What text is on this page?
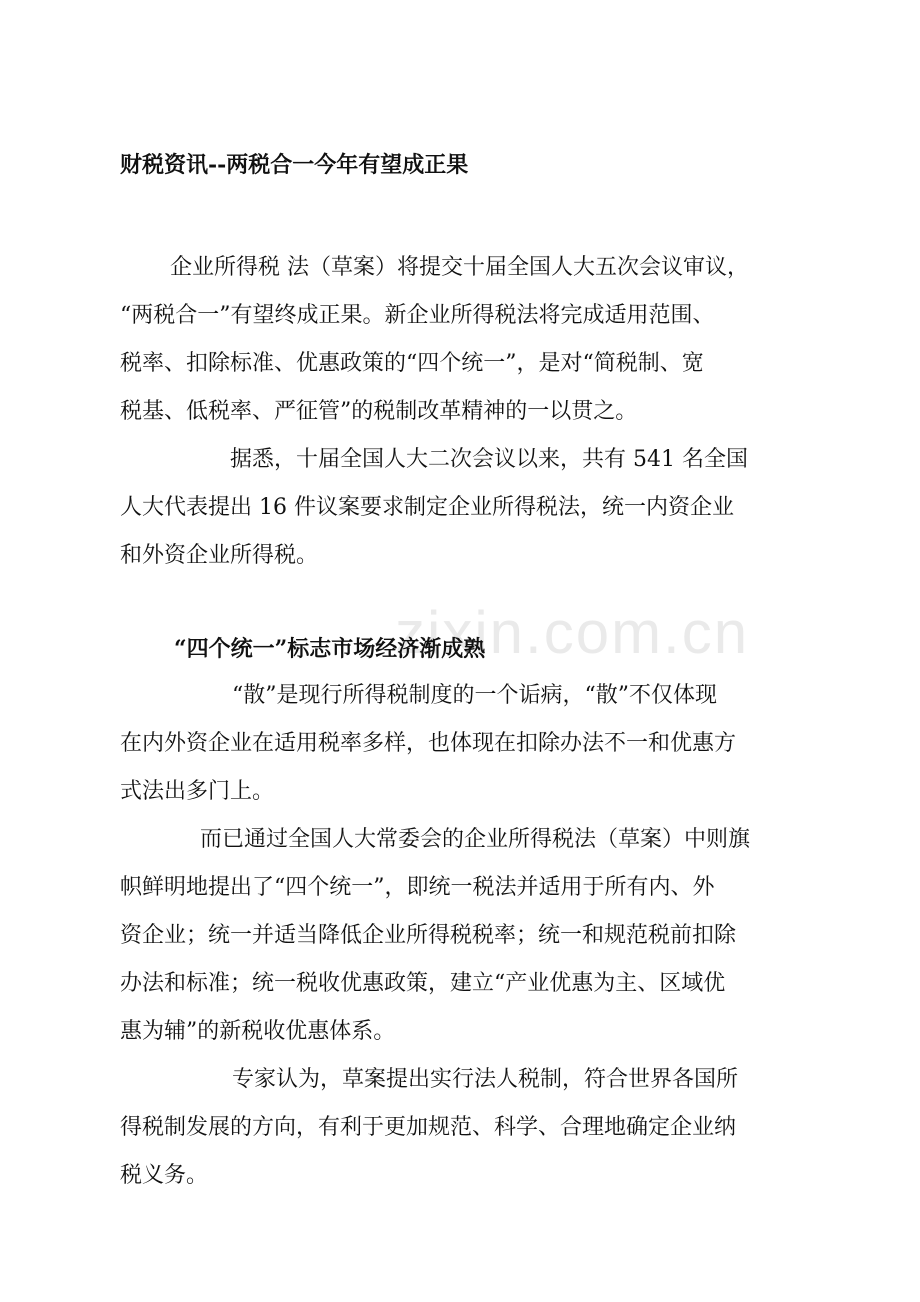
zixin.com.cn
财税资讯--两税合一今年有望成正果
企业所得税 法（草案）将提交十届全国人大五次会议审议，
“两税合一”有望终成正果。新企业所得税法将完成适用范围、
税率、扣除标准、优惠政策的“四个统一”，是对“简税制、宽
税基、低税率、严征管”的税制改革精神的一以贯之。
据悉，十届全国人大二次会议以来，共有 541 名全国
人大代表提出 16 件议案要求制定企业所得税法，统一内资企业
和外资企业所得税。
“四个统一”标志市场经济渐成熟
“散”是现行所得税制度的一个诟病，“散”不仅体现
在内外资企业在适用税率多样，也体现在扣除办法不一和优惠方
式法出多门上。
而已通过全国人大常委会的企业所得税法（草案）中则旗
帜鲜明地提出了“四个统一”，即统一税法并适用于所有内、外
资企业；统一并适当降低企业所得税税率；统一和规范税前扣除
办法和标准；统一税收优惠政策，建立“产业优惠为主、区域优
惠为辅”的新税收优惠体系。
专家认为，草案提出实行法人税制，符合世界各国所
得税制发展的方向，有利于更加规范、科学、合理地确定企业纳
税义务。
